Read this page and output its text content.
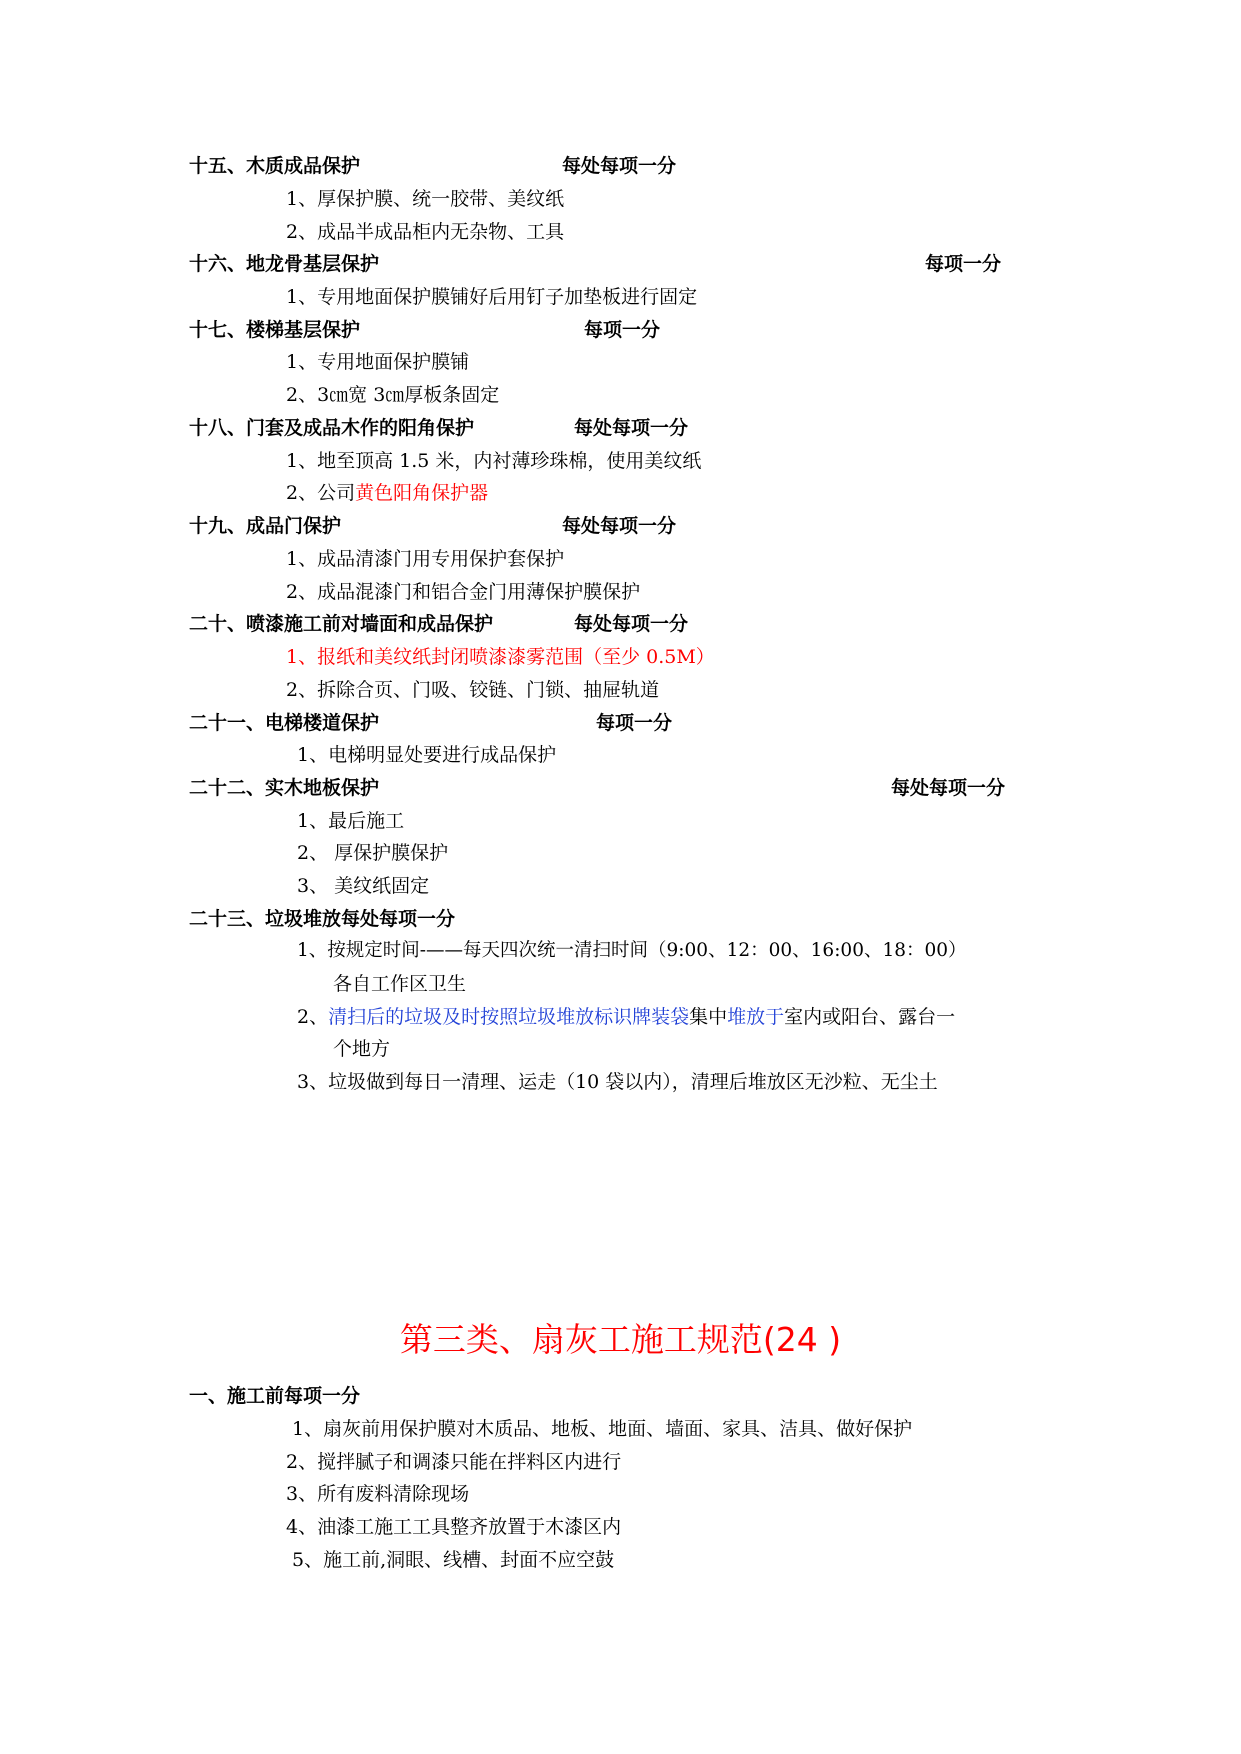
十五、木质成品保护	每处每项一分
1、厚保护膜、统一胶带、美纹纸
2、成品半成品柜内无杂物、工具
十六、地龙骨基层保护	每项一分
1、专用地面保护膜铺好后用钉子加垫板进行固定
十七、楼梯基层保护	每项一分
1、专用地面保护膜铺
2、3㎝宽 3㎝厚板条固定
十八、门套及成品木作的阳角保护	每处每项一分
1、地至顶高 1.5 米，内衬薄珍珠棉，使用美纹纸
2、公司黄色阳角保护器
十九、成品门保护	每处每项一分
1、成品清漆门用专用保护套保护
2、成品混漆门和铝合金门用薄保护膜保护
二十、喷漆施工前对墙面和成品保护	每处每项一分
1、报纸和美纹纸封闭喷漆漆雾范围（至少 0.5M）
2、拆除合页、门吸、铰链、门锁、抽屉轨道
二十一、电梯楼道保护	每项一分
1、电梯明显处要进行成品保护
二十二、实木地板保护	每处每项一分
1、最后施工
2、 厚保护膜保护
3、 美纹纸固定
二十三、垃圾堆放每处每项一分
1、按规定时间-——每天四次统一清扫时间（9:00、12：00、16:00、18：00）
各自工作区卫生
2、清扫后的垃圾及时按照垃圾堆放标识牌装袋集中堆放于室内或阳台、露台一
个地方
3、垃圾做到每日一清理、运走（10 袋以内），清理后堆放区无沙粒、无尘土
第三类、扇灰工施工规范(24 )
一、施工前每项一分
1、扇灰前用保护膜对木质品、地板、地面、墙面、家具、洁具、做好保护
2、搅拌腻子和调漆只能在拌料区内进行
3、所有废料清除现场
4、油漆工施工工具整齐放置于木漆区内
5、施工前,洞眼、线槽、封面不应空鼓
